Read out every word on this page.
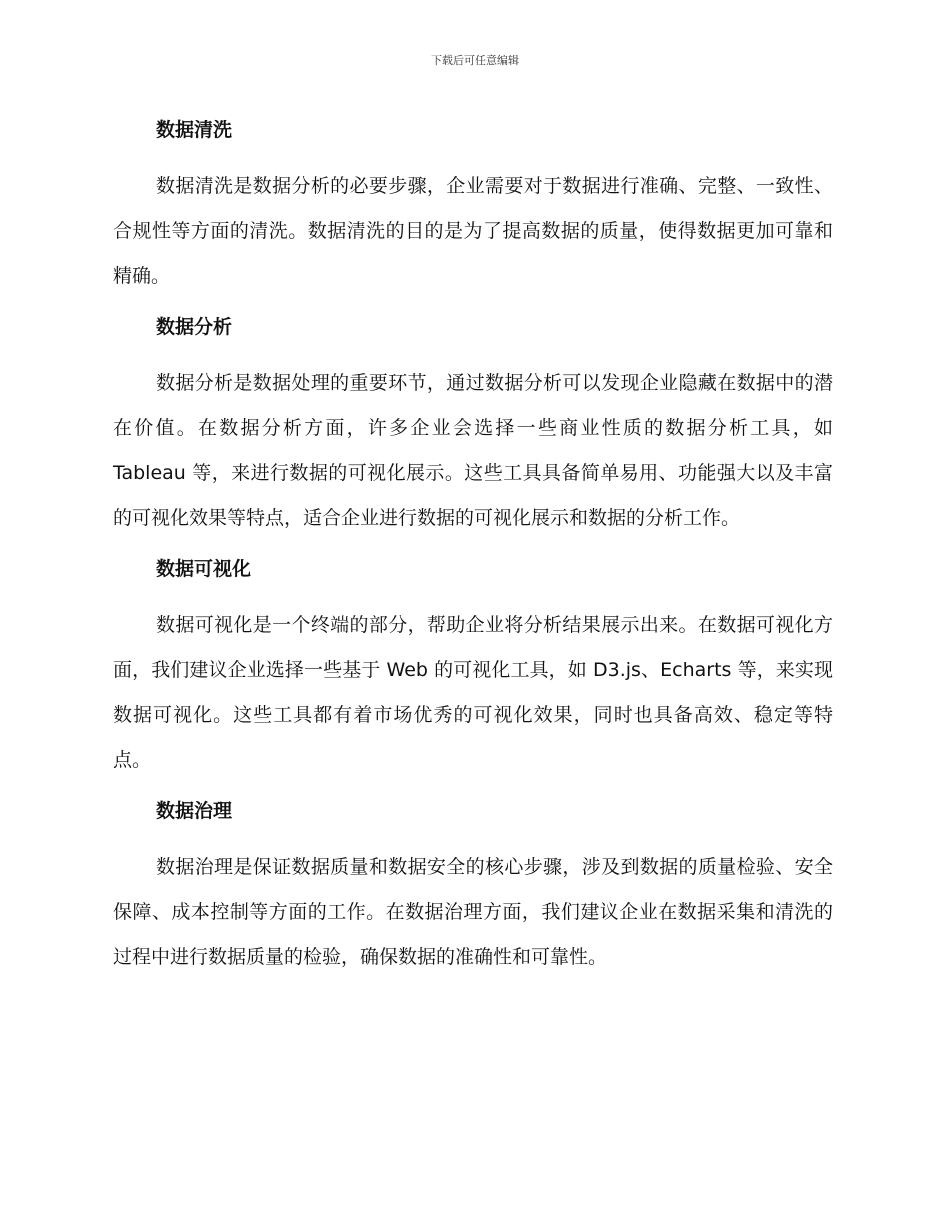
下载后可任意编辑
数据清洗

数据清洗是数据分析的必要步骤，企业需要对于数据进行准确、完整、一致性、合规性等方面的清洗。数据清洗的目的是为了提高数据的质量，使得数据更加可靠和精确。

数据分析

数据分析是数据处理的重要环节，通过数据分析可以发现企业隐藏在数据中的潜在价值。在数据分析方面，许多企业会选择一些商业性质的数据分析工具，如 Tableau 等，来进行数据的可视化展示。这些工具具备简单易用、功能强大以及丰富的可视化效果等特点，适合企业进行数据的可视化展示和数据的分析工作。

数据可视化

数据可视化是一个终端的部分，帮助企业将分析结果展示出来。在数据可视化方面，我们建议企业选择一些基于 Web 的可视化工具，如 D3.js、Echarts 等，来实现数据可视化。这些工具都有着市场优秀的可视化效果，同时也具备高效、稳定等特点。

数据治理

数据治理是保证数据质量和数据安全的核心步骤，涉及到数据的质量检验、安全保障、成本控制等方面的工作。在数据治理方面，我们建议企业在数据采集和清洗的过程中进行数据质量的检验，确保数据的准确性和可靠性。
